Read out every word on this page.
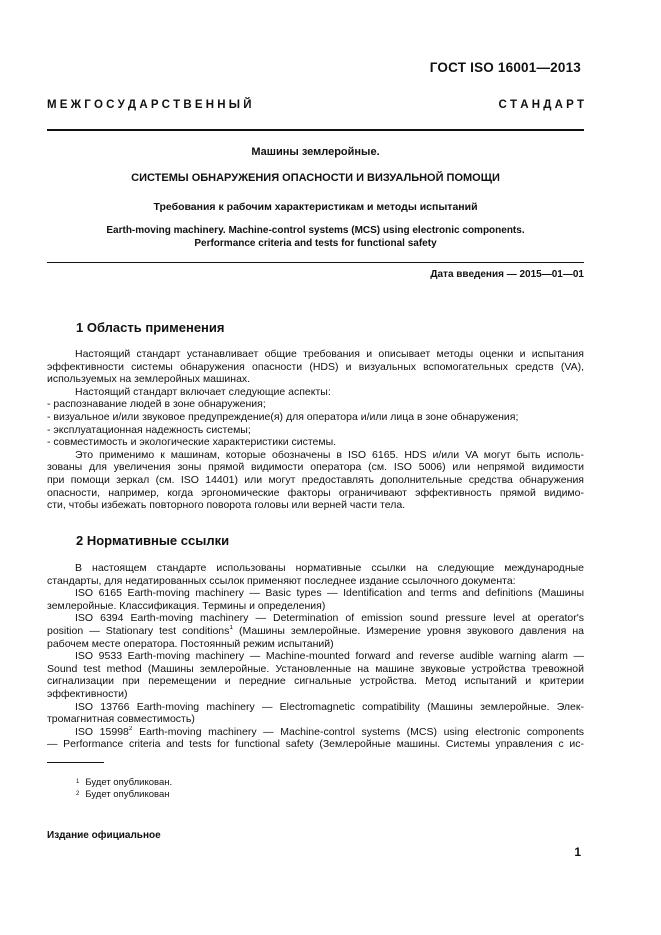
ГОСТ ISO 16001—2013
М Е Ж Г О С У Д А Р С Т В Е Н Н Ы Й	С Т А Н Д А Р Т
Машины землеройные.
СИСТЕМЫ ОБНАРУЖЕНИЯ ОПАСНОСТИ И ВИЗУАЛЬНОЙ ПОМОЩИ
Требования к рабочим характеристикам и методы испытаний
Earth-moving machinery. Machine-control systems (MCS) using electronic components.
Performance criteria and tests for functional safety
Дата введения — 2015—01—01
1 Область применения
Настоящий стандарт устанавливает общие требования и описывает методы оценки и испытания
эффективности системы обнаружения опасности (HDS) и визуальных вспомогательных средств (VA),
используемых на землеройных машинах.
Настоящий стандарт включает следующие аспекты:
- распознавание людей в зоне обнаружения;
- визуальное и/или звуковое предупреждение(я) для оператора и/или лица в зоне обнаружения;
- эксплуатационная надежность системы;
- совместимость и экологические характеристики системы.
Это применимо к машинам, которые обозначены в ISO 6165. HDS и/или VA могут быть исполь-
зованы для увеличения зоны прямой видимости оператора (см. ISO 5006) или непрямой видимости
при помощи зеркал (см. ISO 14401) или могут предоставлять дополнительные средства обнаружения
опасности, например, когда эргономические факторы ограничивают эффективность прямой видимо-
сти, чтобы избежать повторного поворота головы или верней части тела.
2 Нормативные ссылки
В настоящем стандарте использованы нормативные ссылки на следующие международные
стандарты, для недатированных ссылок применяют последнее издание ссылочного документа:
ISO 6165 Earth-moving machinery — Basic types — Identification and terms and definitions (Машины
землеройные. Классификация. Термины и определения)
ISO 6394 Earth-moving machinery — Determination of emission sound pressure level at operator's
position — Stationary test conditions$^1$ (Машины землеройные. Измерение уровня звукового давления на
рабочем месте оператора. Постоянный режим испытаний)
ISO 9533 Earth-moving machinery — Machine-mounted forward and reverse audible warning alarm —
Sound test method (Машины землеройные. Установленные на машине звуковые устройства тревожной
сигнализации при перемещении и передние сигнальные устройства. Метод испытаний и критерии
эффективности)
ISO 13766 Earth-moving machinery — Electromagnetic compatibility (Машины землеройные. Элек-
тромагнитная совместимость)
ISO 15998$^2$ Earth-moving machinery — Machine-control systems (MCS) using electronic components
— Performance criteria and tests for functional safety (Землеройные машины. Системы управления с ис-
$^1$ Будет опубликован.
$^2$ Будет опубликован
Издание официальное
1
